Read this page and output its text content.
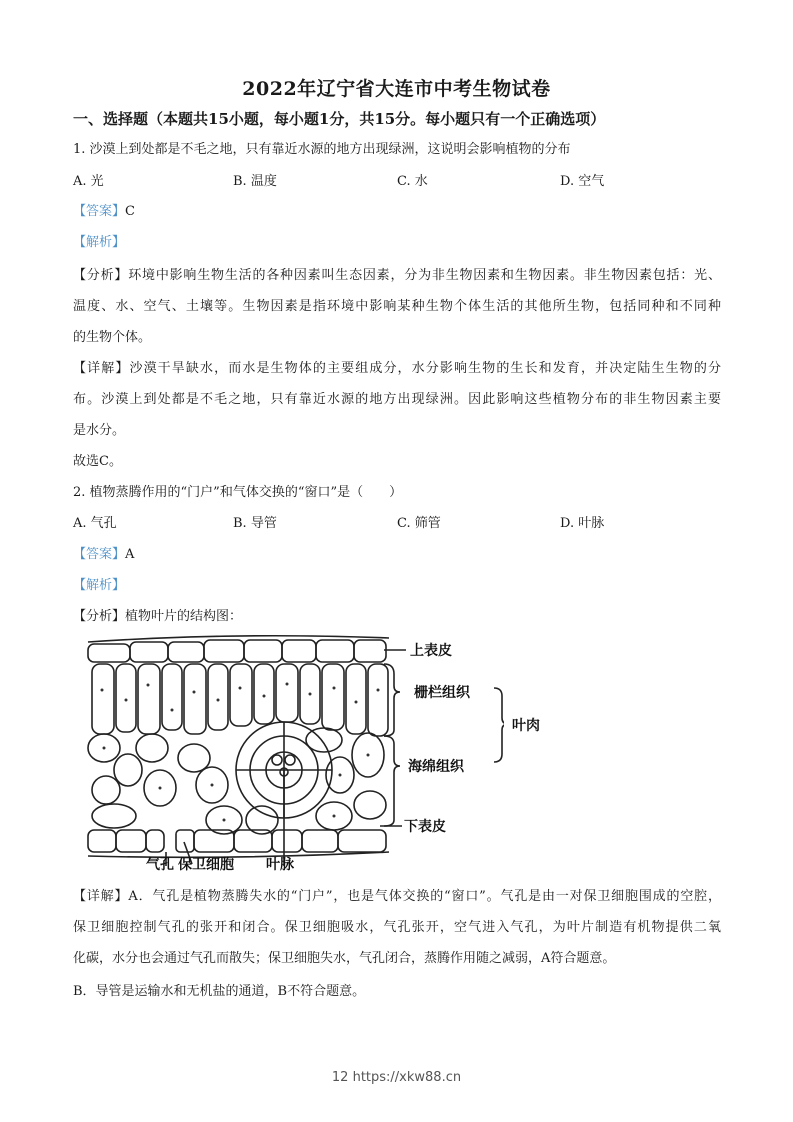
2022年辽宁省大连市中考生物试卷
一、选择题（本题共15小题，每小题1分，共15分。每小题只有一个正确选项）
1. 沙漠上到处都是不毛之地，只有靠近水源的地方出现绿洲，这说明会影响植物的分布
A. 光	B. 温度	C. 水	D. 空气
【答案】C
【解析】
【分析】环境中影响生物生活的各种因素叫生态因素，分为非生物因素和生物因素。非生物因素包括：光、
温度、水、空气、土壤等。生物因素是指环境中影响某种生物个体生活的其他所生物，包括同种和不同种
的生物个体。
【详解】沙漠干旱缺水，而水是生物体的主要组成分，水分影响生物的生长和发育，并决定陆生生物的分
布。沙漠上到处都是不毛之地，只有靠近水源的地方出现绿洲。因此影响这些植物分布的非生物因素主要
是水分。
故选C。
2. 植物蒸腾作用的“门户”和气体交换的“窗口”是（　　）
A. 气孔	B. 导管	C. 筛管	D. 叶脉
【答案】A
【解析】
【分析】植物叶片的结构图：
上表皮
栅栏组织
叶肉
海绵组织
下表皮
气孔 保卫细胞 叶脉
【详解】A．气孔是植物蒸腾失水的“门户”，也是气体交换的“窗口”。气孔是由一对保卫细胞围成的空腔，
保卫细胞控制气孔的张开和闭合。保卫细胞吸水，气孔张开，空气进入气孔，为叶片制造有机物提供二氧
化碳，水分也会通过气孔而散失；保卫细胞失水，气孔闭合，蒸腾作用随之减弱，A符合题意。
B．导管是运输水和无机盐的通道，B不符合题意。
12 https://xkw88.cn
